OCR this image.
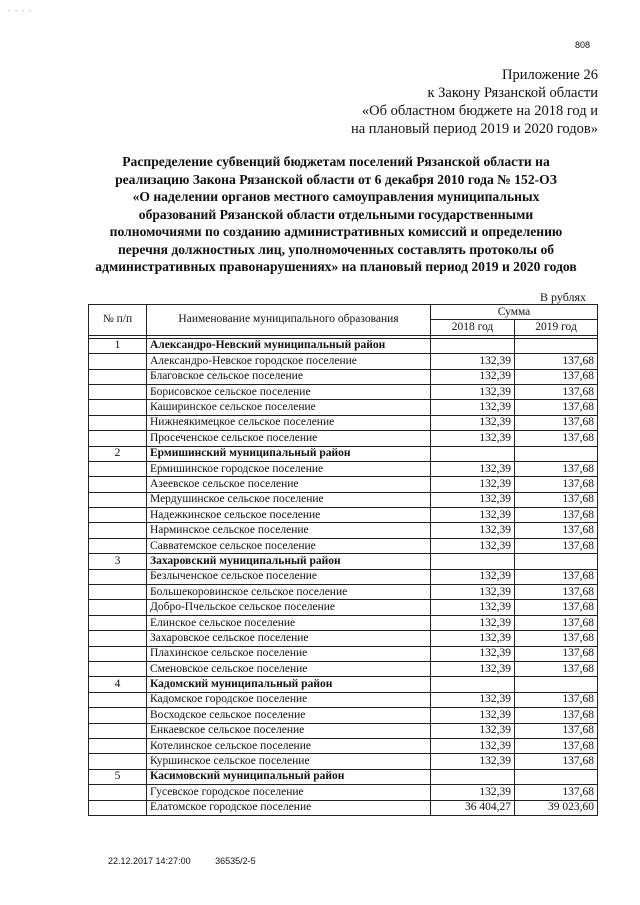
- - - -
808
Приложение 26
к Закону Рязанской области
«Об областном бюджете на 2018 год и
на плановый период 2019 и 2020 годов»
Распределение субвенций бюджетам поселений Рязанской области на
реализацию Закона Рязанской области от 6 декабря 2010 года № 152-ОЗ
«О наделении органов местного самоуправления муниципальных
образований Рязанской области отдельными государственными
полномочиями по созданию административных комиссий и определению
перечня должностных лиц, уполномоченных составлять протоколы об
административных правонарушениях» на плановый период 2019 и 2020 годов
В рублях
№ п/п	Наименование муниципального образования	Сумма	
		2018 год	2019 год

1	Александро-Невский муниципальный район		
	Александро-Невское городское поселение	132,39	137,68
	Благовское сельское поселение	132,39	137,68
	Борисовское сельское поселение	132,39	137,68
	Каширинское сельское поселение	132,39	137,68
	Нижнеякимецкое сельское поселение	132,39	137,68
	Просеченское сельское поселение	132,39	137,68
2	Ермишинский муниципальный район		
	Ермишинское городское поселение	132,39	137,68
	Азеевское сельское поселение	132,39	137,68
	Мердушинское сельское поселение	132,39	137,68
	Надежкинское сельское поселение	132,39	137,68
	Нарминское сельское поселение	132,39	137,68
	Савватемское сельское поселение	132,39	137,68
3	Захаровский муниципальный район		
	Безлыченское сельское поселение	132,39	137,68
	Большекоровинское сельское поселение	132,39	137,68
	Добро-Пчельское сельское поселение	132,39	137,68
	Елинское сельское поселение	132,39	137,68
	Захаровское сельское поселение	132,39	137,68
	Плахинское сельское поселение	132,39	137,68
	Сменовское сельское поселение	132,39	137,68
4	Кадомский муниципальный район		
	Кадомское городское поселение	132,39	137,68
	Восходское сельское поселение	132,39	137,68
	Енкаевское сельское поселение	132,39	137,68
	Котелинское сельское поселение	132,39	137,68
	Куршинское сельское поселение	132,39	137,68
5	Касимовский муниципальный район		
	Гусевское городское поселение	132,39	137,68
	Елатомское городское поселение	36 404,27	39 023,60
22.12.2017 14:27:00	36535/2-5
